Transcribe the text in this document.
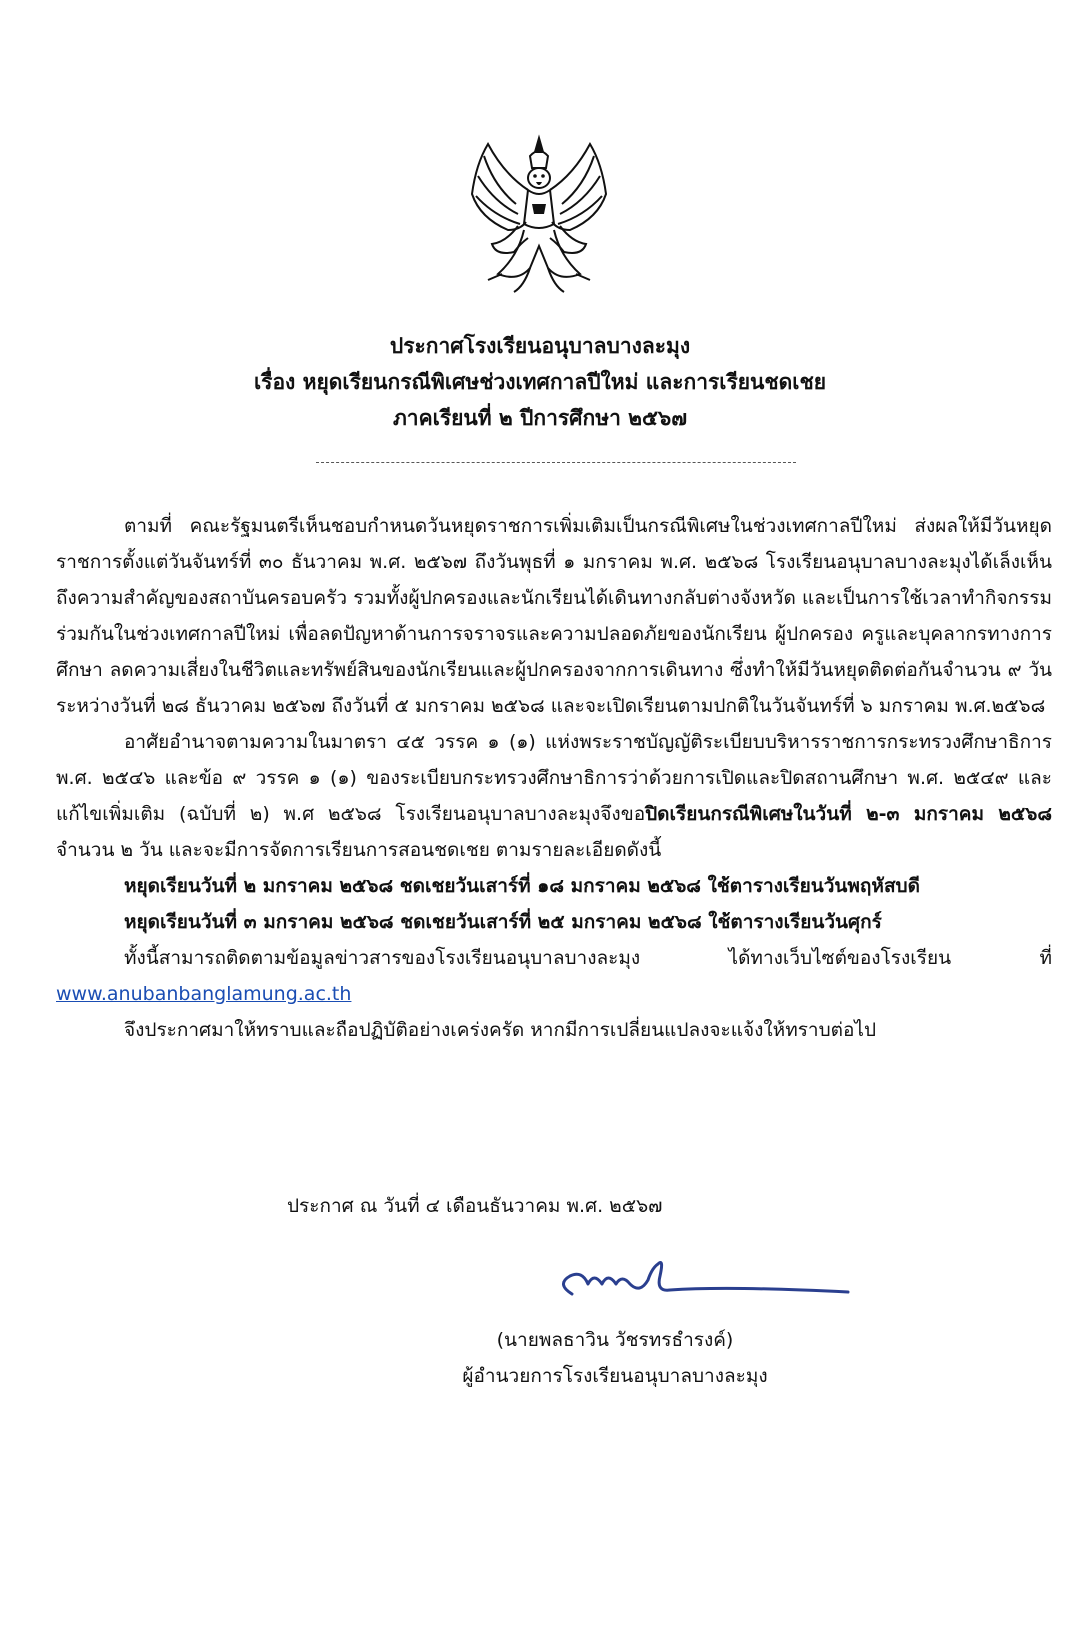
ประกาศโรงเรียนอนุบาลบางละมุง
เรื่อง หยุดเรียนกรณีพิเศษช่วงเทศกาลปีใหม่ และการเรียนชดเชย
ภาคเรียนที่ ๒ ปีการศึกษา ๒๕๖๗

ตามที่ คณะรัฐมนตรีเห็นชอบกำหนดวันหยุดราชการเพิ่มเติมเป็นกรณีพิเศษในช่วงเทศกาลปีใหม่ ส่งผลให้มีวันหยุดราชการตั้งแต่วันจันทร์ที่ ๓๐ ธันวาคม พ.ศ. ๒๕๖๗ ถึงวันพุธที่ ๑ มกราคม พ.ศ. ๒๕๖๘ โรงเรียนอนุบาลบางละมุงได้เล็งเห็นถึงความสำคัญของสถาบันครอบครัว รวมทั้งผู้ปกครองและนักเรียนได้เดินทางกลับต่างจังหวัด และเป็นการใช้เวลาทำกิจกรรมร่วมกันในช่วงเทศกาลปีใหม่ เพื่อลดปัญหาด้านการจราจรและความปลอดภัยของนักเรียน ผู้ปกครอง ครูและบุคลากรทางการศึกษา ลดความเสี่ยงในชีวิตและทรัพย์สินของนักเรียนและผู้ปกครองจากการเดินทาง ซึ่งทำให้มีวันหยุดติดต่อกันจำนวน ๙ วัน ระหว่างวันที่ ๒๘ ธันวาคม ๒๕๖๗ ถึงวันที่ ๕ มกราคม ๒๕๖๘ และจะเปิดเรียนตามปกติในวันจันทร์ที่ ๖ มกราคม พ.ศ.๒๕๖๘

อาศัยอำนาจตามความในมาตรา ๔๕ วรรค ๑ (๑) แห่งพระราชบัญญัติระเบียบบริหารราชการกระทรวงศึกษาธิการ พ.ศ. ๒๕๔๖ และข้อ ๙ วรรค ๑ (๑) ของระเบียบกระทรวงศึกษาธิการว่าด้วยการเปิดและปิดสถานศึกษา พ.ศ. ๒๕๔๙ และแก้ไขเพิ่มเติม (ฉบับที่ ๒) พ.ศ ๒๕๖๘ โรงเรียนอนุบาลบางละมุงจึงขอปิดเรียนกรณีพิเศษในวันที่ ๒-๓ มกราคม ๒๕๖๘ จำนวน ๒ วัน และจะมีการจัดการเรียนการสอนชดเชย ตามรายละเอียดดังนี้

หยุดเรียนวันที่ ๒ มกราคม ๒๕๖๘ ชดเชยวันเสาร์ที่ ๑๘ มกราคม ๒๕๖๘ ใช้ตารางเรียนวันพฤหัสบดี

หยุดเรียนวันที่ ๓ มกราคม ๒๕๖๘ ชดเชยวันเสาร์ที่ ๒๕ มกราคม ๒๕๖๘ ใช้ตารางเรียนวันศุกร์

ทั้งนี้สามารถติดตามข้อมูลข่าวสารของโรงเรียนอนุบาลบางละมุง ได้ทางเว็บไซต์ของโรงเรียน ที่ www.anubanbanglamung.ac.th

จึงประกาศมาให้ทราบและถือปฏิบัติอย่างเคร่งครัด หากมีการเปลี่ยนแปลงจะแจ้งให้ทราบต่อไป

ประกาศ ณ วันที่ ๔ เดือนธันวาคม พ.ศ. ๒๕๖๗
(นายพลธาวิน วัชรทรธำรงค์)
ผู้อำนวยการโรงเรียนอนุบาลบางละมุง
